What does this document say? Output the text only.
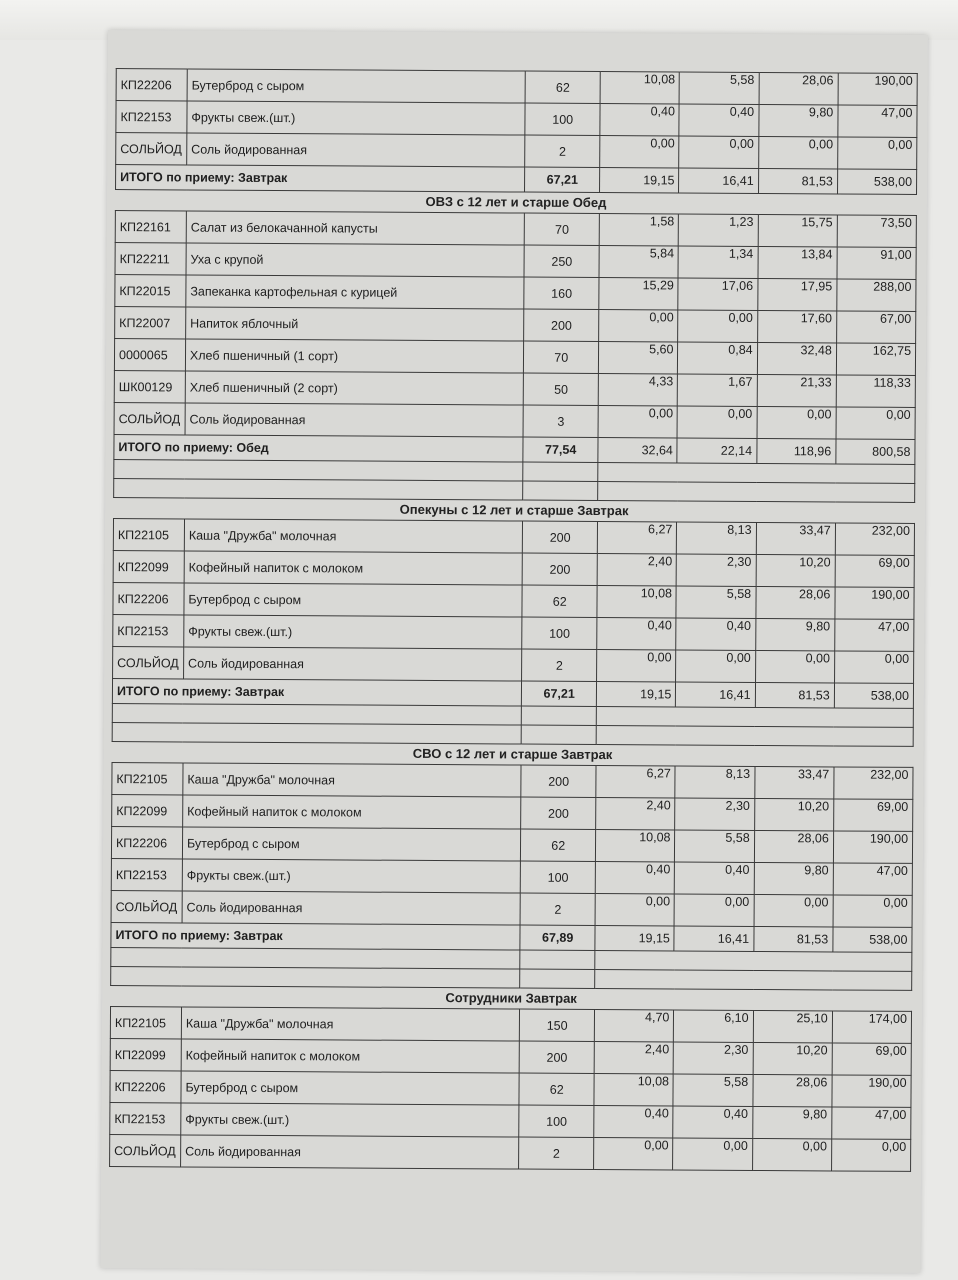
КП22206	Бутерброд с сыром	62	10,08	5,58	28,06	190,00
КП22153	Фрукты свеж.(шт.)	100	0,40	0,40	9,80	47,00
СОЛЬЙОД	Соль йодированная	2	0,00	0,00	0,00	0,00
ИТОГО по приему: Завтрак		67,21	19,15	16,41	81,53	538,00
ОВЗ с 12 лет и старше Обед
КП22161	Салат из белокачанной капусты	70	1,58	1,23	15,75	73,50
КП22211	Уха с крупой	250	5,84	1,34	13,84	91,00
КП22015	Запеканка картофельная с курицей	160	15,29	17,06	17,95	288,00
КП22007	Напиток яблочный	200	0,00	0,00	17,60	67,00
0000065	Хлеб пшеничный (1 сорт)	70	5,60	0,84	32,48	162,75
ШК00129	Хлеб пшеничный (2 сорт)	50	4,33	1,67	21,33	118,33
СОЛЬЙОД	Соль йодированная	3	0,00	0,00	0,00	0,00
ИТОГО по приему: Обед		77,54	32,64	22,14	118,96	800,58

Опекуны с 12 лет и старше Завтрак
КП22105	Каша "Дружба" молочная	200	6,27	8,13	33,47	232,00
КП22099	Кофейный напиток с молоком	200	2,40	2,30	10,20	69,00
КП22206	Бутерброд с сыром	62	10,08	5,58	28,06	190,00
КП22153	Фрукты свеж.(шт.)	100	0,40	0,40	9,80	47,00
СОЛЬЙОД	Соль йодированная	2	0,00	0,00	0,00	0,00
ИТОГО по приему: Завтрак		67,21	19,15	16,41	81,53	538,00

СВО с 12 лет и старше Завтрак
КП22105	Каша "Дружба" молочная	200	6,27	8,13	33,47	232,00
КП22099	Кофейный напиток с молоком	200	2,40	2,30	10,20	69,00
КП22206	Бутерброд с сыром	62	10,08	5,58	28,06	190,00
КП22153	Фрукты свеж.(шт.)	100	0,40	0,40	9,80	47,00
СОЛЬЙОД	Соль йодированная	2	0,00	0,00	0,00	0,00
ИТОГО по приему: Завтрак		67,89	19,15	16,41	81,53	538,00

Сотрудники Завтрак
КП22105	Каша "Дружба" молочная	150	4,70	6,10	25,10	174,00
КП22099	Кофейный напиток с молоком	200	2,40	2,30	10,20	69,00
КП22206	Бутерброд с сыром	62	10,08	5,58	28,06	190,00
КП22153	Фрукты свеж.(шт.)	100	0,40	0,40	9,80	47,00
СОЛЬЙОД	Соль йодированная	2	0,00	0,00	0,00	0,00
